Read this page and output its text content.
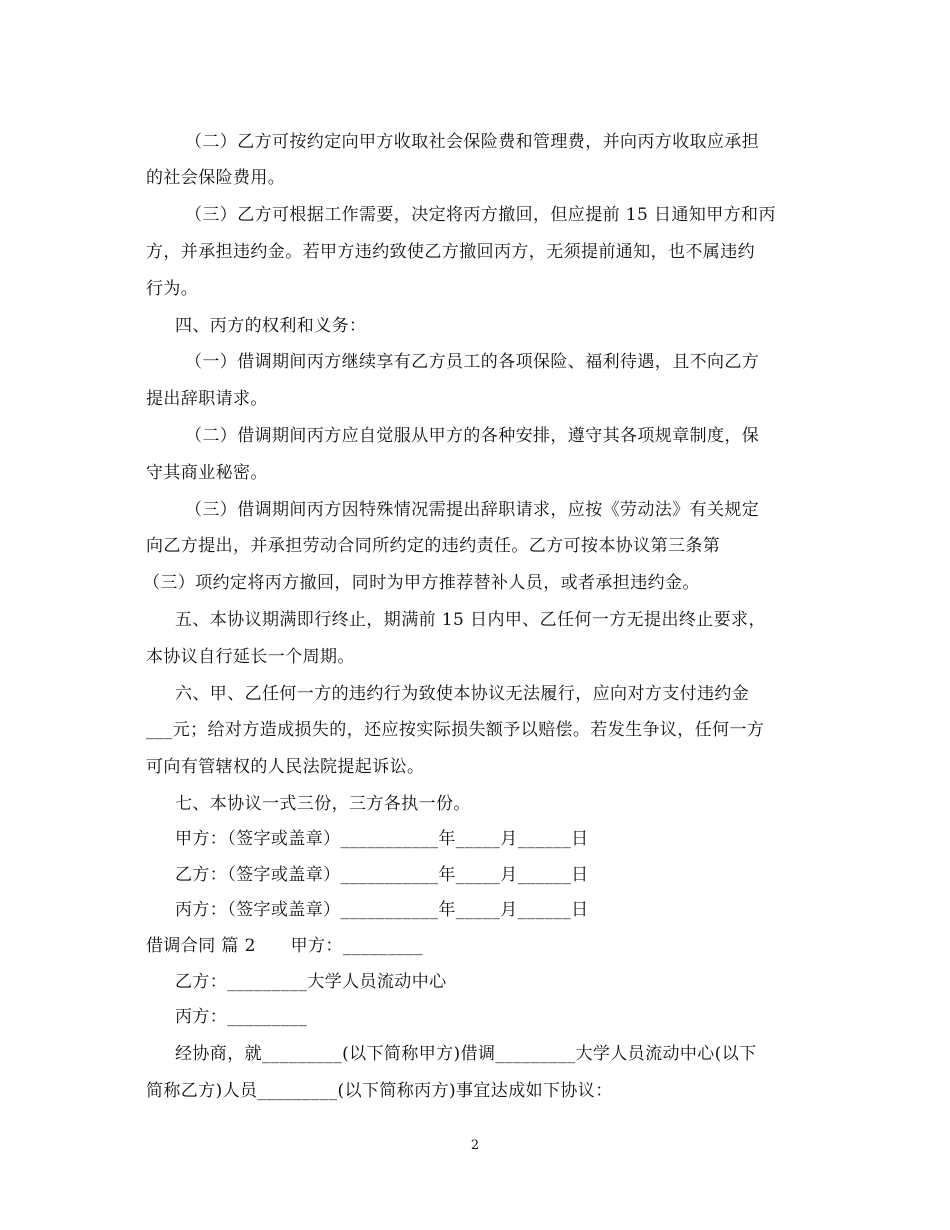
（二）乙方可按约定向甲方收取社会保险费和管理费，并向丙方收取应承担
的社会保险费用。
（三）乙方可根据工作需要，决定将丙方撤回，但应提前 15 日通知甲方和丙
方，并承担违约金。若甲方违约致使乙方撤回丙方，无须提前通知，也不属违约
行为。
四、丙方的权利和义务：
（一）借调期间丙方继续享有乙方员工的各项保险、福利待遇，且不向乙方
提出辞职请求。
（二）借调期间丙方应自觉服从甲方的各种安排，遵守其各项规章制度，保
守其商业秘密。
（三）借调期间丙方因特殊情况需提出辞职请求，应按《劳动法》有关规定
向乙方提出，并承担劳动合同所约定的违约责任。乙方可按本协议第三条第
（三）项约定将丙方撤回，同时为甲方推荐替补人员，或者承担违约金。
五、本协议期满即行终止，期满前 15 日内甲、乙任何一方无提出终止要求，
本协议自行延长一个周期。
六、甲、乙任何一方的违约行为致使本协议无法履行，应向对方支付违约金
___元；给对方造成损失的，还应按实际损失额予以赔偿。若发生争议，任何一方
可向有管辖权的人民法院提起诉讼。
七、本协议一式三份，三方各执一份。
甲方：（签字或盖章）___________年_____月______日
乙方：（签字或盖章）___________年_____月______日
丙方：（签字或盖章）___________年_____月______日
借调合同 篇 2　　甲方：_________
乙方：_________大学人员流动中心
丙方：_________
经协商，就_________(以下简称甲方)借调_________大学人员流动中心(以下
简称乙方)人员_________(以下简称丙方)事宜达成如下协议：
2
